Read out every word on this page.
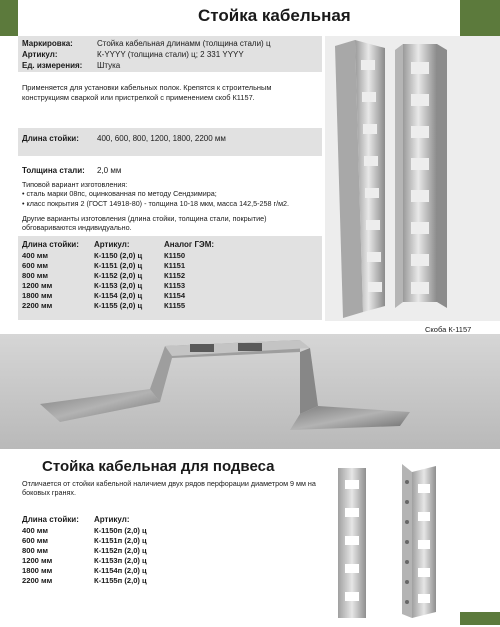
Стойка кабельная
Маркировка:	Стойка кабельная длинамм (толщина стали) ц
Артикул:	К-YYYY (толщина стали) ц; 2 331 YYYY
Ед. измерения: Штука
Применяется для установки кабельных полок. Крепятся к строительным конструкциям сваркой или пристрелкой с применением скоб К1157.
Длина стойки: 400, 600, 800, 1200, 1800, 2200 мм
Толщина стали: 2,0 мм
Типовой вариант изготовления:
• сталь марки 08пс, оцинкованная по методу Сендзимира;
• класс покрытия 2 (ГОСТ 14918-80) - толщина 10-18 мкм, масса 142,5-258 г/м2.
Другие варианты изготовления (длина стойки, толщина стали, покрытие) обговариваются индивидуально.
Длина стойки:	Артикул:	Аналог ГЭМ:
400 мм	К-1150 (2,0) ц	К1150
600 мм	К-1151 (2,0) ц	К1151
800 мм	К-1152 (2,0) ц	К1152
1200 мм	К-1153 (2,0) ц	К1153
1800 мм	К-1154 (2,0) ц	К1154
2200 мм	К-1155 (2,0) ц	К1155
Скоба К-1157
Стойка кабельная для подвеса
Отличается от стойки кабельной наличием двух рядов перфорации диаметром 9 мм на боковых гранях.
Длина стойки:	Артикул:
400 мм	К-1150п (2,0) ц
600 мм	К-1151п (2,0) ц
800 мм	К-1152п (2,0) ц
1200 мм	К-1153п (2,0) ц
1800 мм	К-1154п (2,0) ц
2200 мм	К-1155п (2,0) ц
